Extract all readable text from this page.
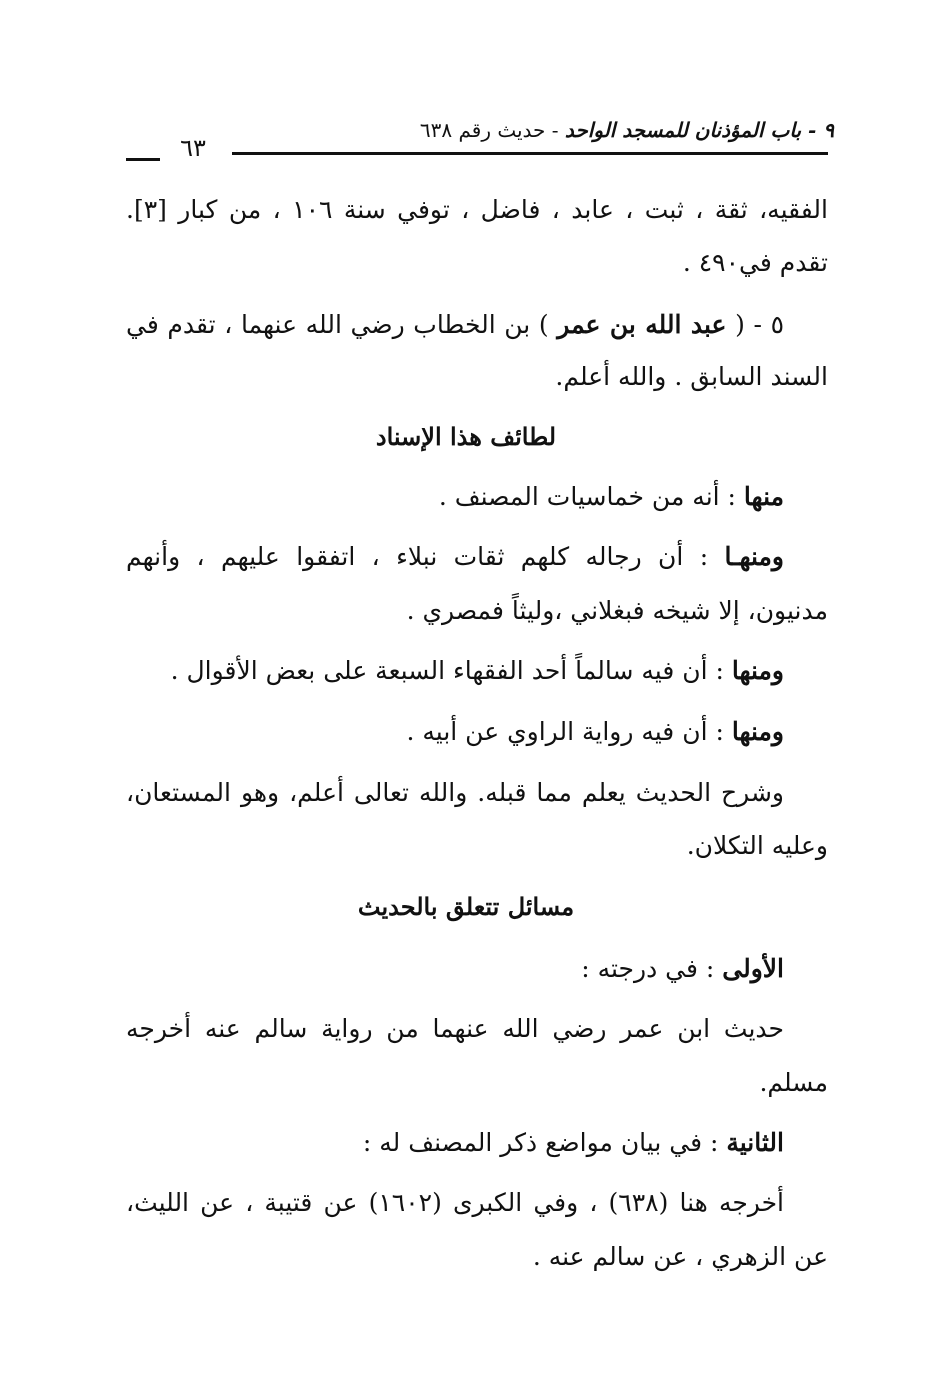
٩ - باب المؤذنان للمسجد الواحد - حديث رقم ٦٣٨
٦٣
الفقيه، ثقة ، ثبت ، عابد ، فاضل ، توفي سنة ١٠٦ ، من كبار [٣].
تقدم في٤٩٠ .
٥ - ( عبد الله بن عمر ) بن الخطاب رضي الله عنهما ، تقدم في
السند السابق . والله أعلم.
لطائف هذا الإسناد
منها : أنه من خماسيات المصنف .
ومنهـا : أن رجاله كلهم ثقات نبلاء ، اتفقوا عليهم ، وأنهم
مدنيون، إلا شيخه فبغلاني ،وليثاً فمصري .
ومنها : أن فيه سالماً أحد الفقهاء السبعة على بعض الأقوال .
ومنها : أن فيه رواية الراوي عن أبيه .
وشرح الحديث يعلم مما قبله. والله تعالى أعلم، وهو المستعان،
وعليه التكلان.
مسائل تتعلق بالحديث
الأولى : في درجته :
حديث ابن عمر رضي الله عنهما من رواية سالم عنه أخرجه
مسلم.
الثانية : في بيان مواضع ذكر المصنف له :
أخرجه هنا (٦٣٨) ، وفي الكبرى (١٦٠٢) عن قتيبة ، عن الليث،
عن الزهري ، عن سالم عنه .
